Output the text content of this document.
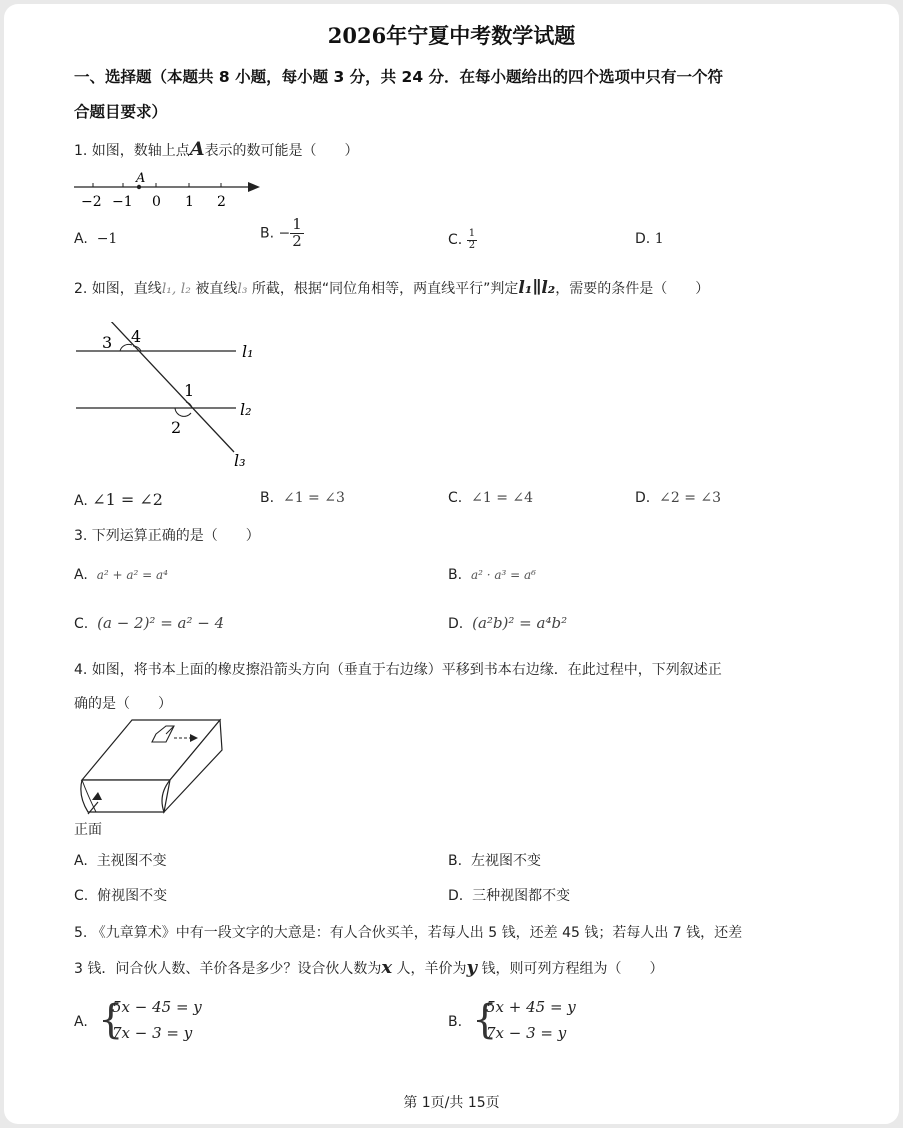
2026年宁夏中考数学试题
一、选择题（本题共 8 小题，每小题 3 分，共 24 分．在每小题给出的四个选项中只有一个符
合题目要求）
1. 如图，数轴上点A表示的数可能是（　　）
A
−2 −1 0 1 2
A. −1	B. − $\frac{1}{2}$	C. $\frac{1}{2}$	D. 1
2. 如图，直线l₁, l₂ 被直线l₃ 所截，根据“同位角相等，两直线平行”判定l₁∥l₂，需要的条件是（　　）
3 4
1
2
l₁
l₂
l₃
A. ∠1 = ∠2	B. ∠1 = ∠3	C. ∠1 = ∠4	D. ∠2 = ∠3
3. 下列运算正确的是（　　）
A. a² + a² = a⁴	B. a² · a³ = a⁶
C. (a − 2)² = a² − 4	D. (a²b)² = a⁴b²
4. 如图，将书本上面的橡皮擦沿箭头方向（垂直于右边缘）平移到书本右边缘．在此过程中，下列叙述正
确的是（　　）
正面
A. 主视图不变	B. 左视图不变
C. 俯视图不变	D. 三种视图都不变
5. 《九章算术》中有一段文字的大意是：有人合伙买羊，若每人出 5 钱，还差 45 钱；若每人出 7 钱，还差
3 钱．问合伙人数、羊价各是多少？设合伙人数为x 人，羊价为y 钱，则可列方程组为（　　）
A. {
5x − 45 = y
7x − 3 = y
B. {
5x + 45 = y
7x − 3 = y
第 1页/共 15页
